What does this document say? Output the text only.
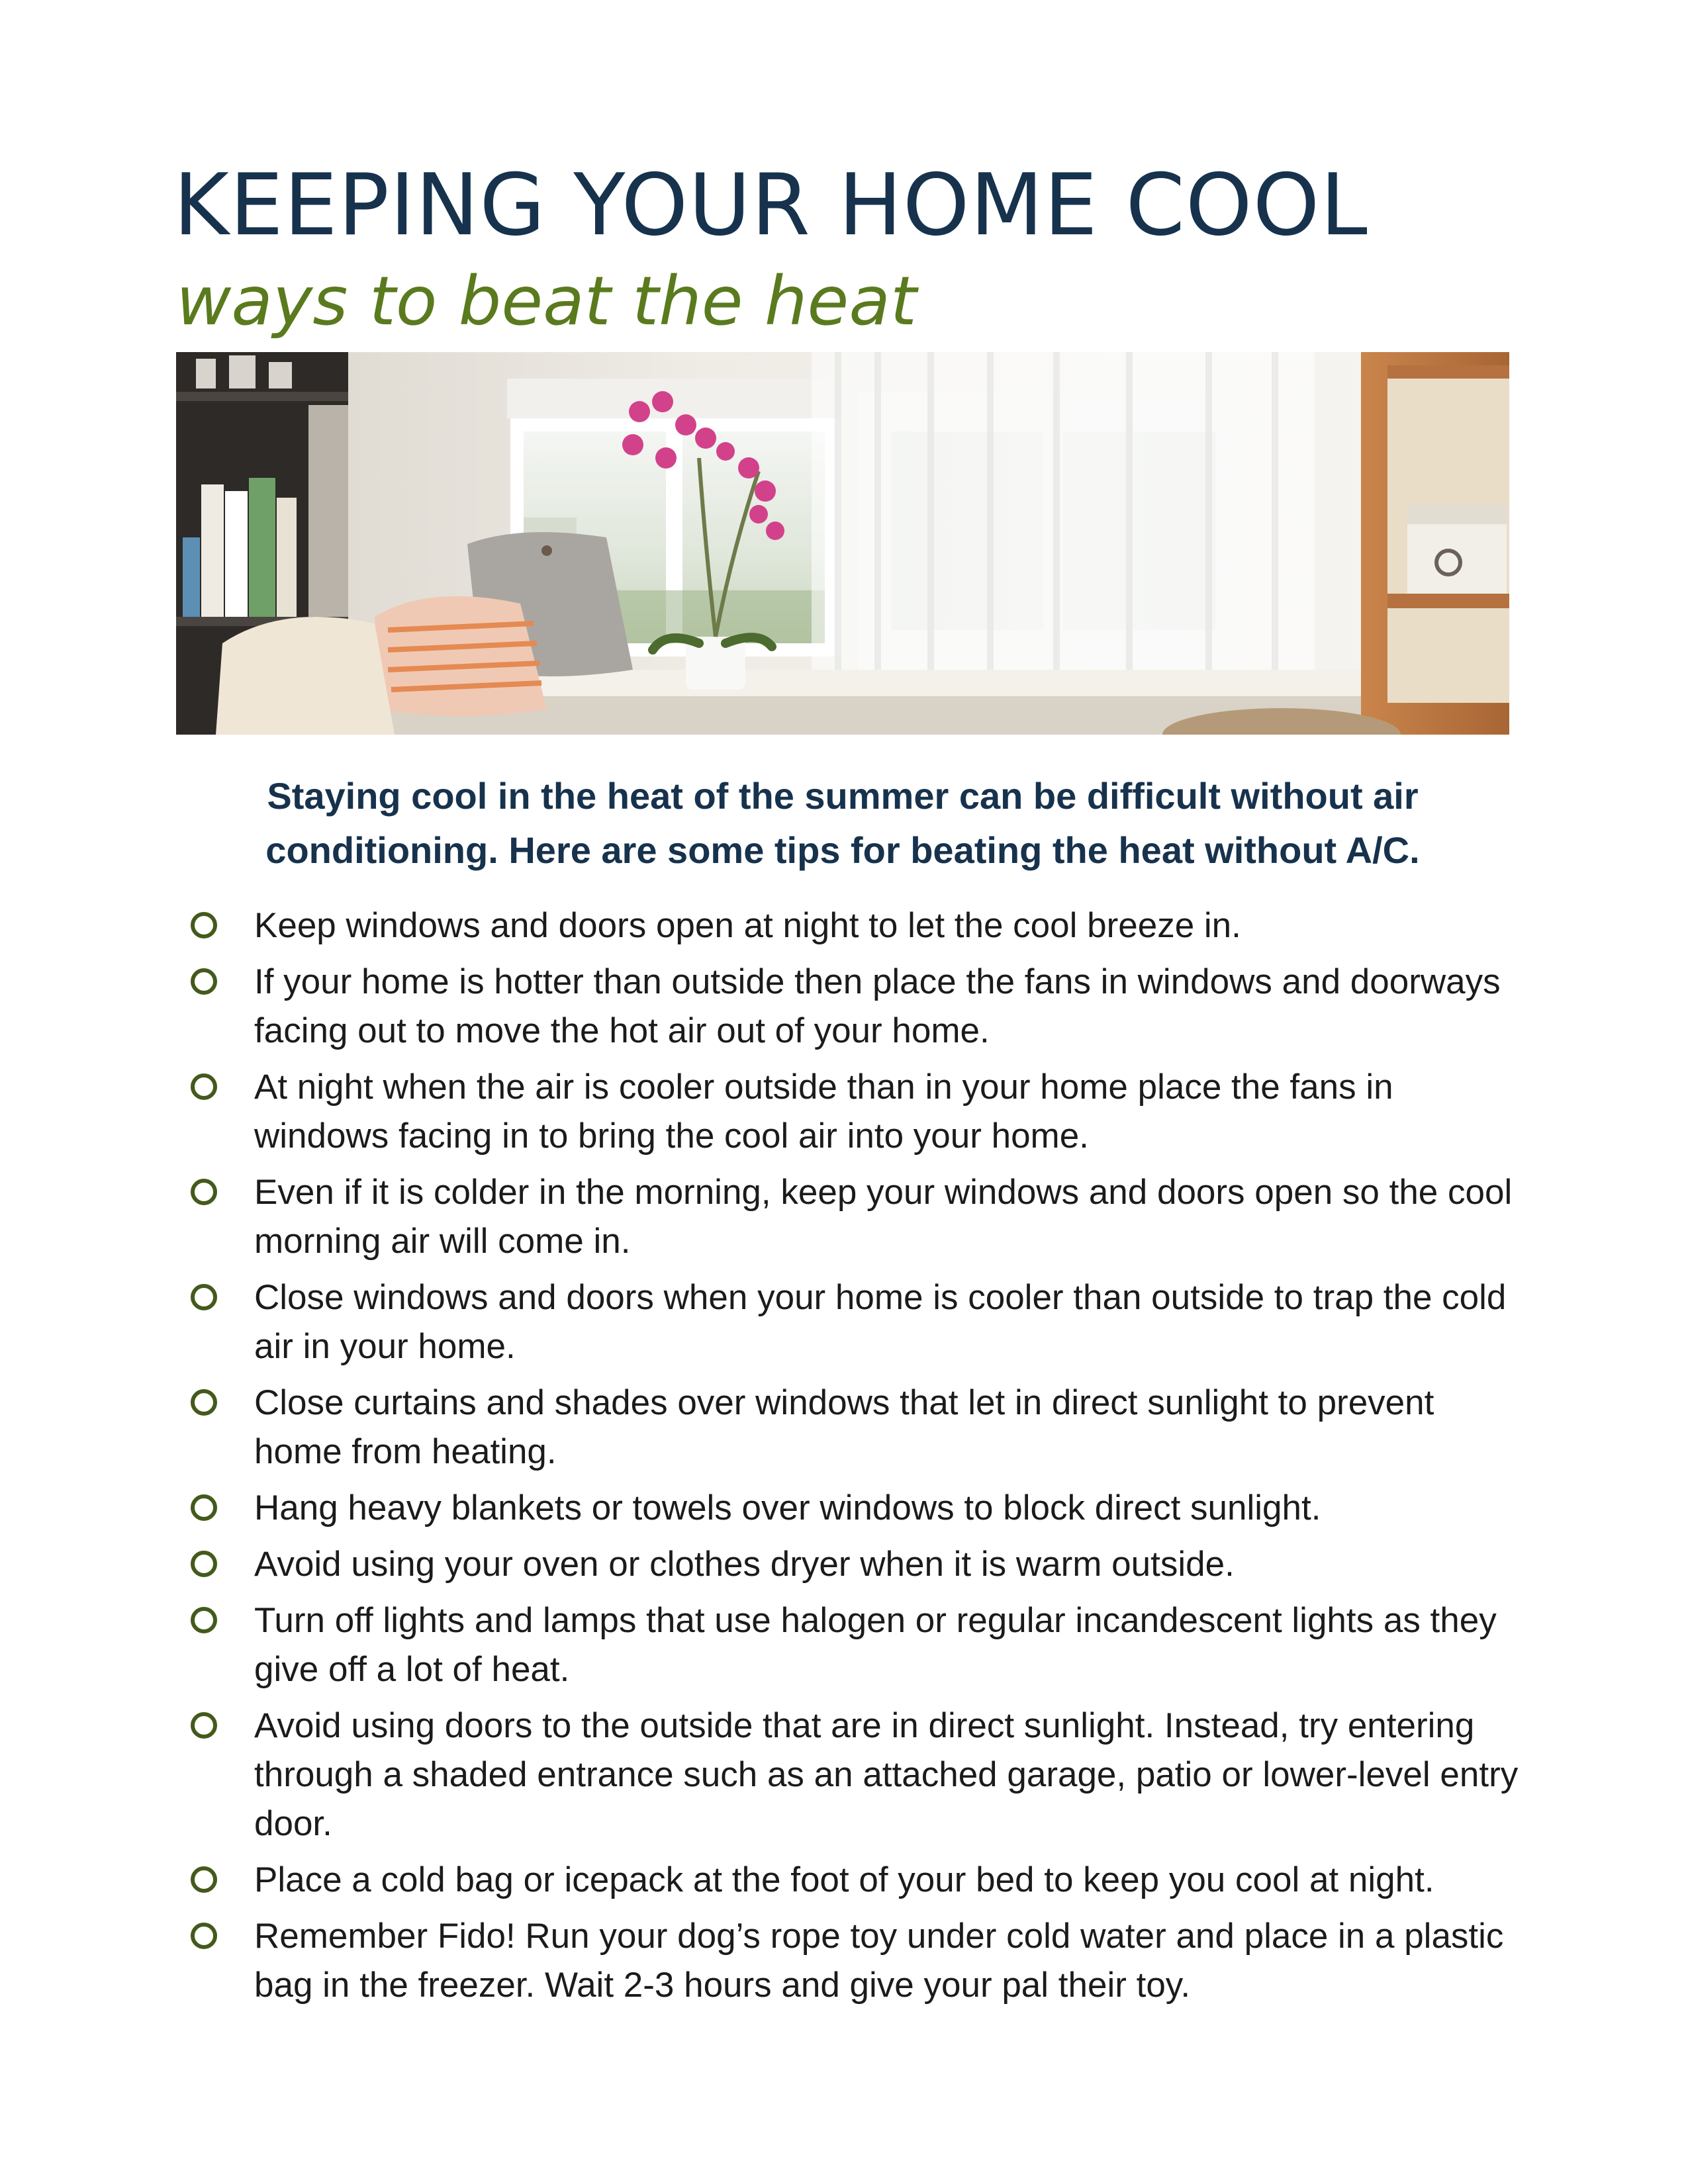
KEEPING YOUR HOME COOL
ways to beat the heat

Staying cool in the heat of the summer can be difficult without air conditioning. Here are some tips for beating the heat without A/C.

Keep windows and doors open at night to let the cool breeze in.
If your home is hotter than outside then place the fans in windows and doorways facing out to move the hot air out of your home.
At night when the air is cooler outside than in your home place the fans in windows facing in to bring the cool air into your home.
Even if it is colder in the morning, keep your windows and doors open so the cool morning air will come in.
Close windows and doors when your home is cooler than outside to trap the cold air in your home.
Close curtains and shades over windows that let in direct sunlight to prevent home from heating.
Hang heavy blankets or towels over windows to block direct sunlight.
Avoid using your oven or clothes dryer when it is warm outside.
Turn off lights and lamps that use halogen or regular incandescent lights as they give off a lot of heat.
Avoid using doors to the outside that are in direct sunlight. Instead, try entering through a shaded entrance such as an attached garage, patio or lower-level entry door.
Place a cold bag or icepack at the foot of your bed to keep you cool at night.
Remember Fido! Run your dog’s rope toy under cold water and place in a plastic bag in the freezer. Wait 2-3 hours and give your pal their toy.
